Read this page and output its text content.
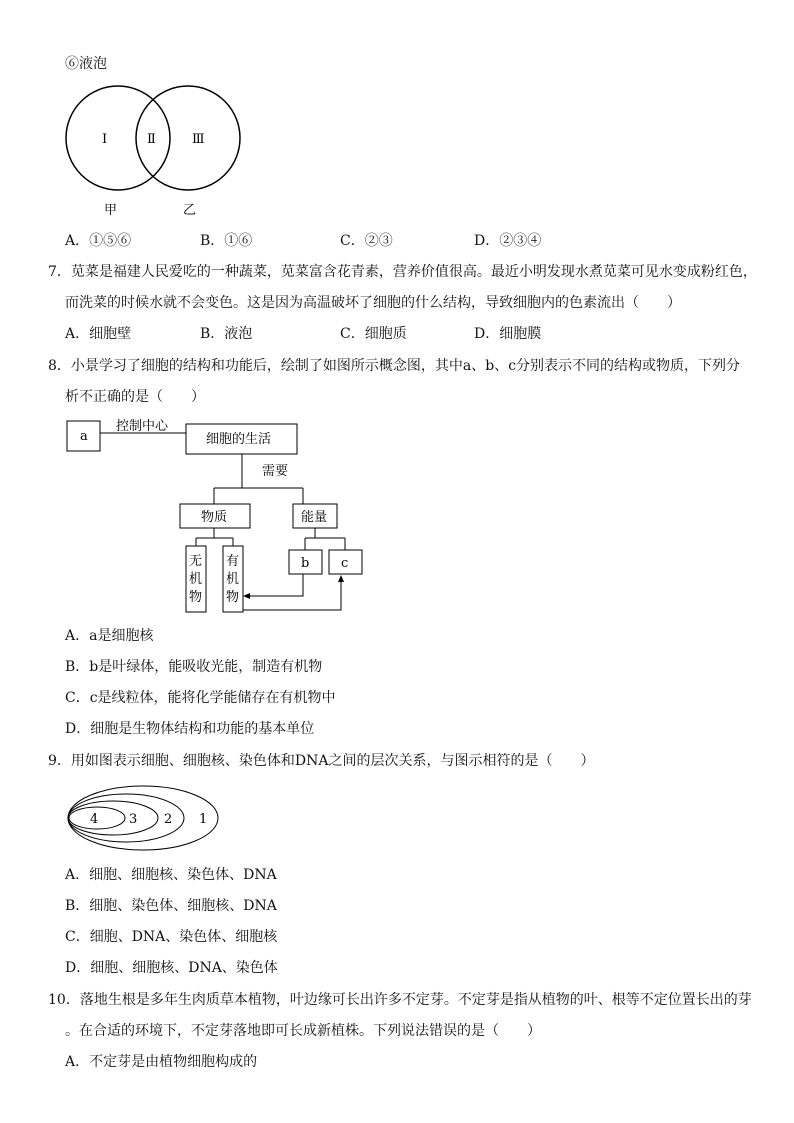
⑥液泡
Ⅰ	Ⅱ	Ⅲ
甲	乙
a
控制中心
细胞的生活
需要
物质	能量
b c
无
机
物
有
机
物
4 3 2 1
A．①⑤⑥	B．①⑥	C．②③	D．②③④
7．苋菜是福建人民爱吃的一种蔬菜，苋菜富含花青素，营养价值很高。最近小明发现水煮苋菜可见水变成粉红色，
而洗菜的时候水就不会变色。这是因为高温破坏了细胞的什么结构，导致细胞内的色素流出（　　）
A．细胞壁	B．液泡	C．细胞质	D．细胞膜
8．小景学习了细胞的结构和功能后，绘制了如图所示概念图，其中a、b、c分别表示不同的结构或物质，下列分
析不正确的是（　　）
A．a是细胞核
B．b是叶绿体，能吸收光能，制造有机物
C．c是线粒体，能将化学能储存在有机物中
D．细胞是生物体结构和功能的基本单位
9．用如图表示细胞、细胞核、染色体和DNA之间的层次关系，与图示相符的是（　　）
A．细胞、细胞核、染色体、DNA
B．细胞、染色体、细胞核、DNA
C．细胞、DNA、染色体、细胞核
D．细胞、细胞核、DNA、染色体
10．落地生根是多年生肉质草本植物，叶边缘可长出许多不定芽。不定芽是指从植物的叶、根等不定位置长出的芽
。在合适的环境下，不定芽落地即可长成新植株。下列说法错误的是（　　）
A．不定芽是由植物细胞构成的
